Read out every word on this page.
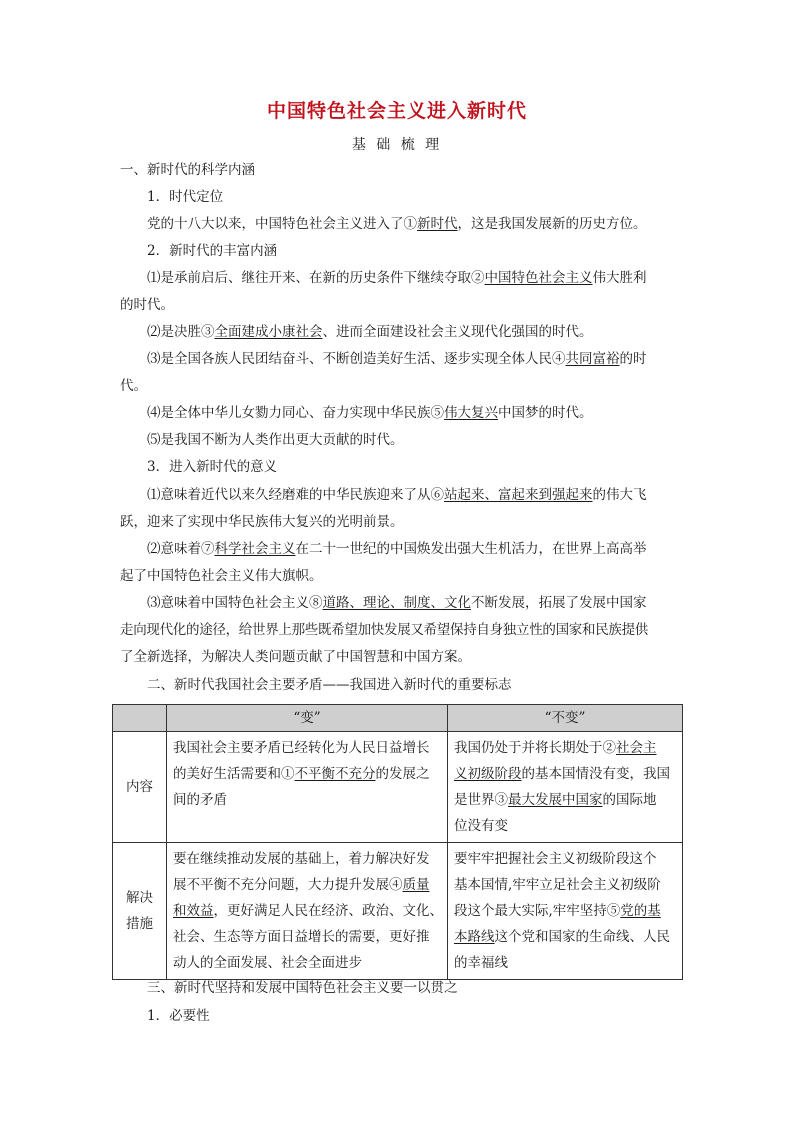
中国特色社会主义进入新时代
基 础 梳 理
一、新时代的科学内涵
1．时代定位
党的十八大以来，中国特色社会主义进入了①新时代，这是我国发展新的历史方位。
2．新时代的丰富内涵
⑴是承前启后、继往开来、在新的历史条件下继续夺取②中国特色社会主义伟大胜利
的时代。
⑵是决胜③全面建成小康社会、进而全面建设社会主义现代化强国的时代。
⑶是全国各族人民团结奋斗、不断创造美好生活、逐步实现全体人民④共同富裕的时
代。
⑷是全体中华儿女勠力同心、奋力实现中华民族⑤伟大复兴中国梦的时代。
⑸是我国不断为人类作出更大贡献的时代。
3．进入新时代的意义
⑴意味着近代以来久经磨难的中华民族迎来了从⑥站起来、富起来到强起来的伟大飞
跃，迎来了实现中华民族伟大复兴的光明前景。
⑵意味着⑦科学社会主义在二十一世纪的中国焕发出强大生机活力，在世界上高高举
起了中国特色社会主义伟大旗帜。
⑶意味着中国特色社会主义⑧道路、理论、制度、文化不断发展，拓展了发展中国家
走向现代化的途径，给世界上那些既希望加快发展又希望保持自身独立性的国家和民族提供
了全新选择，为解决人类问题贡献了中国智慧和中国方案。
二、新时代我国社会主要矛盾——我国进入新时代的重要标志
	“变”	“不变”
内容	我国社会主要矛盾已经转化为人民日益增长
的美好生活需要和①不平衡不充分的发展之
间的矛盾	我国仍处于并将长期处于②社会主
义初级阶段的基本国情没有变，我国
是世界③最大发展中国家的国际地
位没有变

解决
措施	要在继续推动发展的基础上，着力解决好发
展不平衡不充分问题，大力提升发展④质量
和效益，更好满足人民在经济、政治、文化、
社会、生态等方面日益增长的需要，更好推
动人的全面发展、社会全面进步	要牢牢把握社会主义初级阶段这个
基本国情,牢牢立足社会主义初级阶
段这个最大实际,牢牢坚持⑤党的基
本路线这个党和国家的生命线、人民
的幸福线
三、新时代坚持和发展中国特色社会主义要一以贯之
1．必要性
